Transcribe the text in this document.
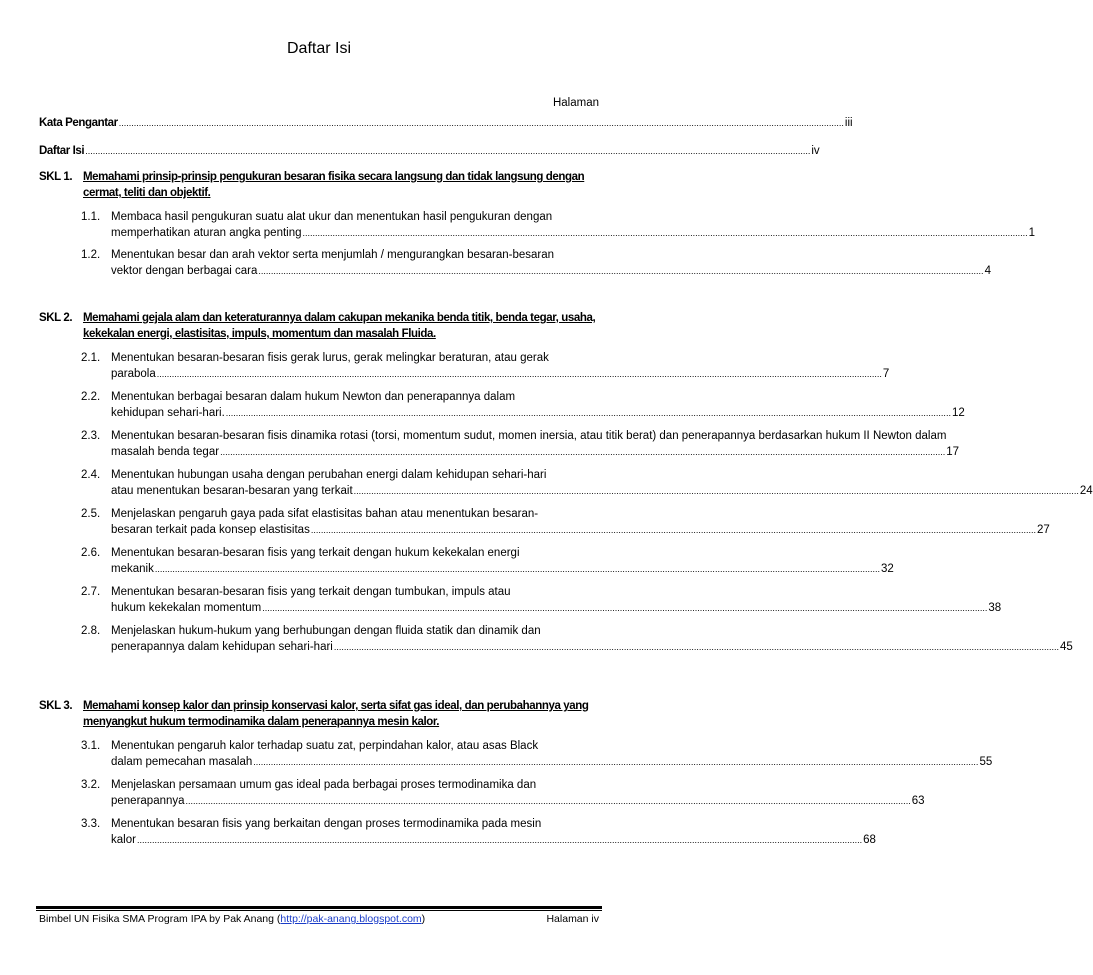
Daftar Isi
Halaman
Kata Pengantar .....	iii
Daftar Isi .....	iv
SKL 1. Memahami prinsip-prinsip pengukuran besaran fisika secara langsung dan tidak langsung dengan cermat, teliti dan objektif.
1.1. Membaca hasil pengukuran suatu alat ukur dan menentukan hasil pengukuran dengan
memperhatikan aturan angka penting .....	1
1.2. Menentukan besar dan arah vektor serta menjumlah / mengurangkan besaran-besaran
vektor dengan berbagai cara .....	4
SKL 2. Memahami gejala alam dan keteraturannya dalam cakupan mekanika benda titik, benda tegar, usaha, kekekalan energi, elastisitas, impuls, momentum dan masalah Fluida.
2.1. Menentukan besaran-besaran fisis gerak lurus, gerak melingkar beraturan, atau gerak
parabola .....	7
2.2. Menentukan berbagai besaran dalam hukum Newton dan penerapannya dalam
kehidupan sehari-hari. .....	12
2.3. Menentukan besaran-besaran fisis dinamika rotasi (torsi, momentum sudut, momen inersia, atau titik berat) dan penerapannya berdasarkan hukum II Newton dalam
masalah benda tegar .....	17
2.4. Menentukan hubungan usaha dengan perubahan energi dalam kehidupan sehari-hari
atau menentukan besaran-besaran yang terkait .....	24
2.5. Menjelaskan pengaruh gaya pada sifat elastisitas bahan atau menentukan besaran-
besaran terkait pada konsep elastisitas .....	27
2.6. Menentukan besaran-besaran fisis yang terkait dengan hukum kekekalan energi
mekanik .....	32
2.7. Menentukan besaran-besaran fisis yang terkait dengan tumbukan, impuls atau
hukum kekekalan momentum .....	38
2.8. Menjelaskan hukum-hukum yang berhubungan dengan fluida statik dan dinamik dan
penerapannya dalam kehidupan sehari-hari .....	45
SKL 3. Memahami konsep kalor dan prinsip konservasi kalor, serta sifat gas ideal, dan perubahannya yang menyangkut hukum termodinamika dalam penerapannya mesin kalor.
3.1. Menentukan pengaruh kalor terhadap suatu zat, perpindahan kalor, atau asas Black
dalam pemecahan masalah .....	55
3.2. Menjelaskan persamaan umum gas ideal pada berbagai proses termodinamika dan
penerapannya .....	63
3.3. Menentukan besaran fisis yang berkaitan dengan proses termodinamika pada mesin
kalor .....	68
Bimbel UN Fisika SMA Program IPA by Pak Anang (http://pak-anang.blogspot.com)	Halaman iv
